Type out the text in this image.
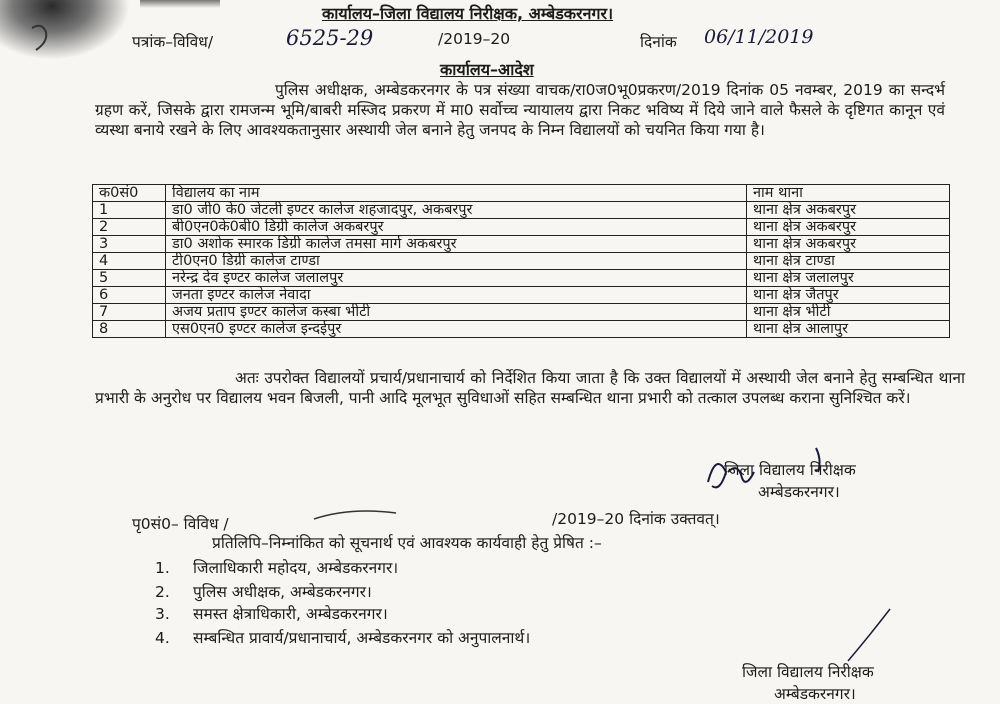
कार्यालय–जिला विद्यालय निरीक्षक, अम्बेडकरनगर।
पत्रांक–विविध/	6525-29	/2019–20	दिनांक 06/11/2019
कार्यालय–आदेश
पुलिस अधीक्षक, अम्बेडकरनगर के पत्र संख्या वाचक/रा0ज0भू0प्रकरण/2019 दिनांक 05 नवम्बर, 2019 का सन्दर्भ ग्रहण करें, जिसके द्वारा रामजन्म भूमि/बाबरी मस्जिद प्रकरण में मा0 सर्वोच्च न्यायालय द्वारा निकट भविष्य में दिये जाने वाले फैसले के दृष्टिगत कानून एवं व्यस्था बनाये रखने के लिए आवश्यकतानुसार अस्थायी जेल बनाने हेतु जनपद के निम्न विद्यालयों को चयनित किया गया है।
क0सं0	विद्यालय का नाम	नाम थाना
1	डा0 जी0 के0 जेटली इण्टर कालेज शहजादपुर, अकबरपुर	थाना क्षेत्र अकबरपुर
2	बी0एन0के0बी0 डिग्री कालेज अकबरपुर	थाना क्षेत्र अकबरपुर
3	डा0 अशोक स्मारक डिग्री कालेज तमसा मार्ग अकबरपुर	थाना क्षेत्र अकबरपुर
4	टी0एन0 डिग्री कालेज टाण्डा	थाना क्षेत्र टाण्डा
5	नरेन्द्र देव इण्टर कालेज जलालपुर	थाना क्षेत्र जलालपुर
6	जनता इण्टर कालेज नेवादा	थाना क्षेत्र जैतपुर
7	अजय प्रताप इण्टर कालेज कस्बा भीटी	थाना क्षेत्र भीटी
8	एस0एन0 इण्टर कालेज इन्दईपुर	थाना क्षेत्र आलापुर
अतः उपरोक्त विद्यालयों प्रचार्य/प्रधानाचार्य को निर्देशित किया जाता है कि उक्त विद्यालयों में अस्थायी जेल बनाने हेतु सम्बन्धित थाना प्रभारी के अनुरोध पर विद्यालय भवन बिजली, पानी आदि मूलभूत सुविधाओं सहित सम्बन्धित थाना प्रभारी को तत्काल उपलब्ध कराना सुनिश्चित करें।
जिला विद्यालय निरीक्षक
अम्बेडकरनगर।
पृ0सं0– विविध /	/2019–20 दिनांक उक्तवत्।
प्रतिलिपि–निम्नांकित को सूचनार्थ एवं आवश्यक कार्यवाही हेतु प्रेषित :–
1. जिलाधिकारी महोदय, अम्बेडकरनगर।
2. पुलिस अधीक्षक, अम्बेडकरनगर।
3. समस्त क्षेत्राधिकारी, अम्बेडकरनगर।
4. सम्बन्धित प्रावार्य/प्रधानाचार्य, अम्बेडकरनगर को अनुपालनार्थ।
जिला विद्यालय निरीक्षक
अम्बेडकरनगर।
